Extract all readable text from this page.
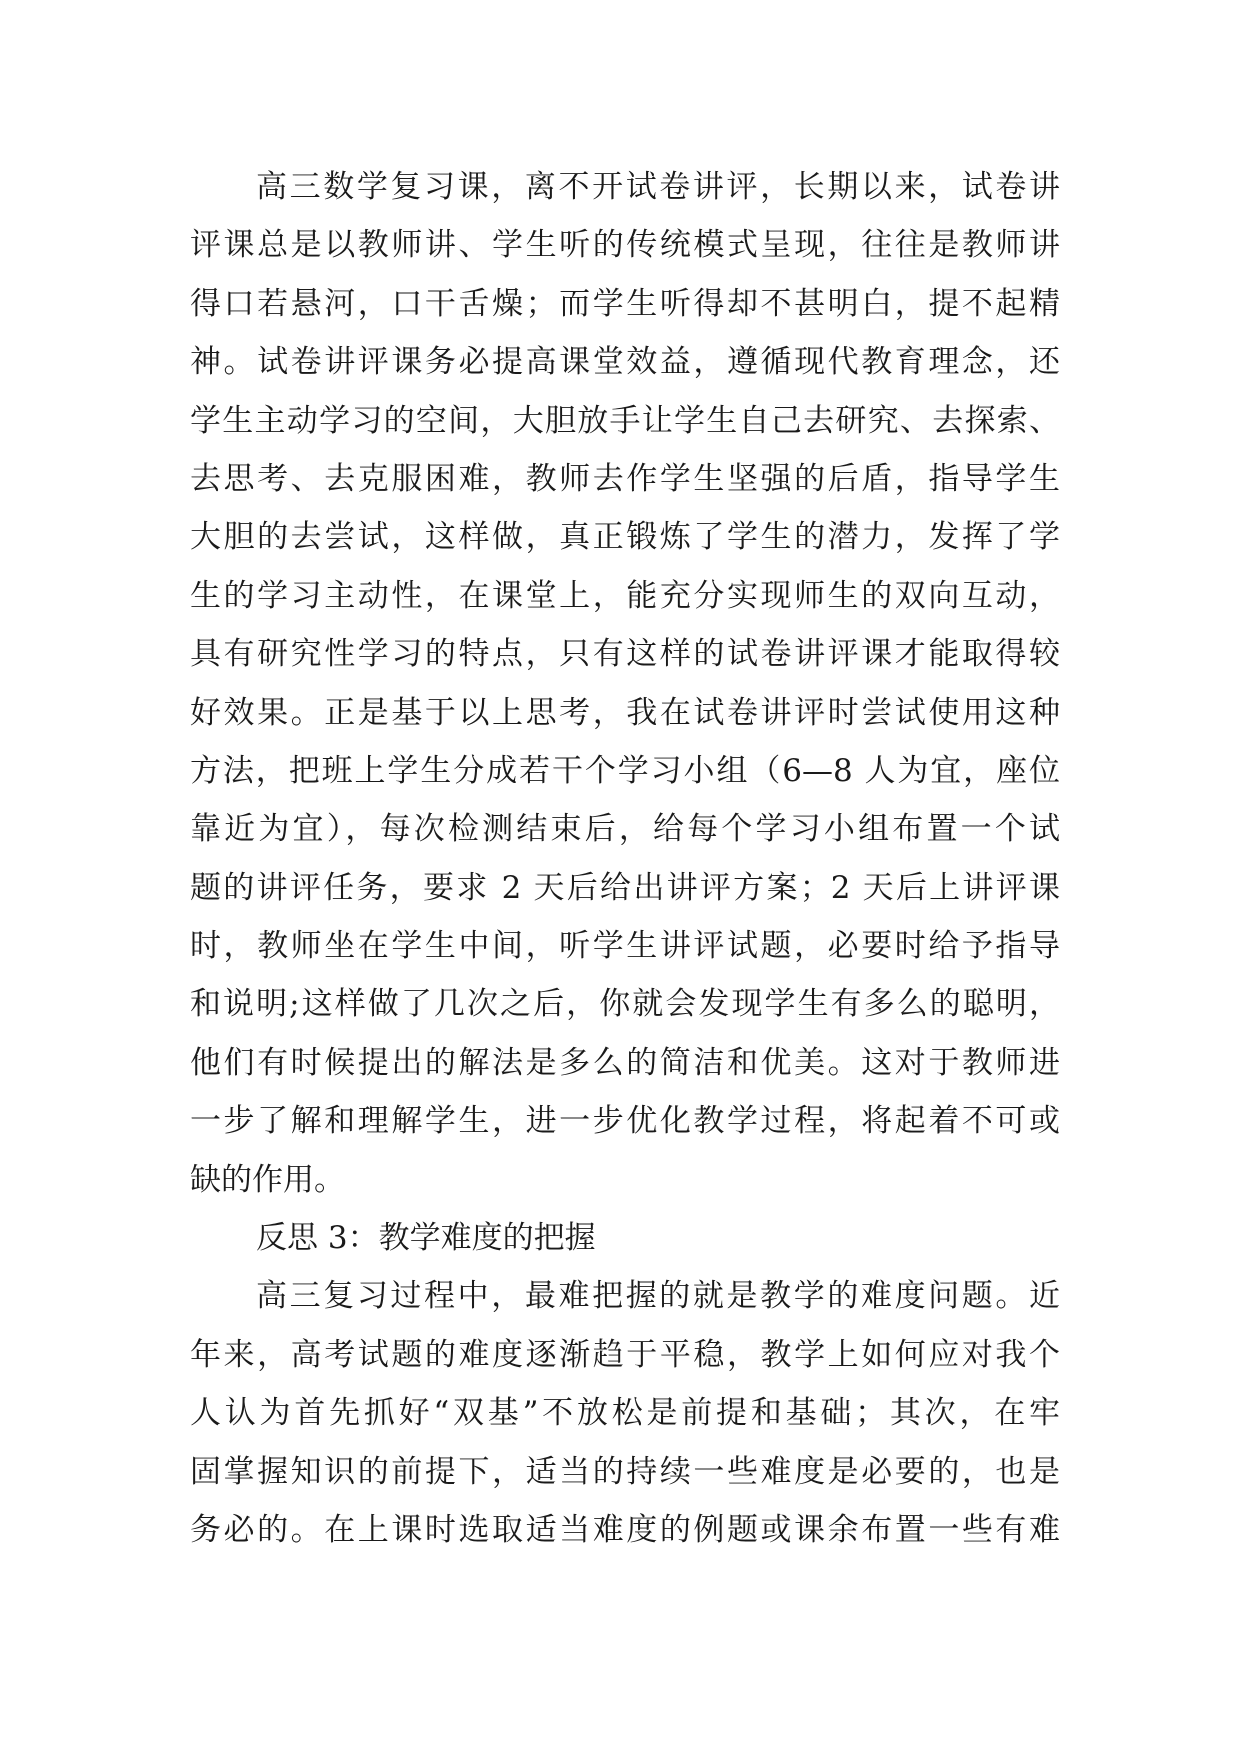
高三数学复习课，离不开试卷讲评，长期以来，试卷讲
评课总是以教师讲、学生听的传统模式呈现，往往是教师讲
得口若悬河，口干舌燥；而学生听得却不甚明白，提不起精
神。试卷讲评课务必提高课堂效益，遵循现代教育理念，还
学生主动学习的空间，大胆放手让学生自己去研究、去探索、
去思考、去克服困难，教师去作学生坚强的后盾，指导学生
大胆的去尝试，这样做，真正锻炼了学生的潜力，发挥了学
生的学习主动性，在课堂上，能充分实现师生的双向互动，
具有研究性学习的特点，只有这样的试卷讲评课才能取得较
好效果。正是基于以上思考，我在试卷讲评时尝试使用这种
方法，把班上学生分成若干个学习小组（6—8 人为宜，座位
靠近为宜），每次检测结束后，给每个学习小组布置一个试
题的讲评任务，要求 2 天后给出讲评方案；2 天后上讲评课
时，教师坐在学生中间，听学生讲评试题，必要时给予指导
和说明;这样做了几次之后，你就会发现学生有多么的聪明，
他们有时候提出的解法是多么的简洁和优美。这对于教师进
一步了解和理解学生，进一步优化教学过程，将起着不可或
缺的作用。
反思 3：教学难度的把握
高三复习过程中，最难把握的就是教学的难度问题。近
年来，高考试题的难度逐渐趋于平稳，教学上如何应对我个
人认为首先抓好“双基”不放松是前提和基础；其次，在牢
固掌握知识的前提下，适当的持续一些难度是必要的，也是
务必的。在上课时选取适当难度的例题或课余布置一些有难
